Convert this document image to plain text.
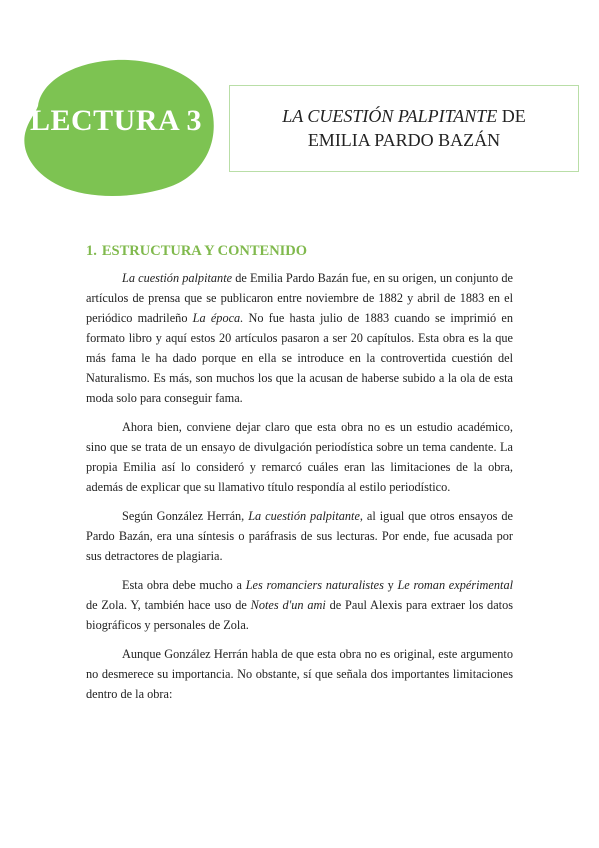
LECTURA 3	LA CUESTIÓN PALPITANTE DE
EMILIA PARDO BAZÁN
1. ESTRUCTURA Y CONTENIDO

La cuestión palpitante de Emilia Pardo Bazán fue, en su origen, un conjunto de artículos de prensa que se publicaron entre noviembre de 1882 y abril de 1883 en el periódico madrileño La época. No fue hasta julio de 1883 cuando se imprimió en formato libro y aquí estos 20 artículos pasaron a ser 20 capítulos. Esta obra es la que más fama le ha dado porque en ella se introduce en la controvertida cuestión del Naturalismo. Es más, son muchos los que la acusan de haberse subido a la ola de esta moda solo para conseguir fama.

Ahora bien, conviene dejar claro que esta obra no es un estudio académico, sino que se trata de un ensayo de divulgación periodística sobre un tema candente. La propia Emilia así lo consideró y remarcó cuáles eran las limitaciones de la obra, además de explicar que su llamativo título respondía al estilo periodístico.

Según González Herrán, La cuestión palpitante, al igual que otros ensayos de Pardo Bazán, era una síntesis o paráfrasis de sus lecturas. Por ende, fue acusada por sus detractores de plagiaria.

Esta obra debe mucho a Les romanciers naturalistes y Le roman expérimental de Zola. Y, también hace uso de Notes d'un ami de Paul Alexis para extraer los datos biográficos y personales de Zola.

Aunque González Herrán habla de que esta obra no es original, este argumento no desmerece su importancia. No obstante, sí que señala dos importantes limitaciones dentro de la obra:
